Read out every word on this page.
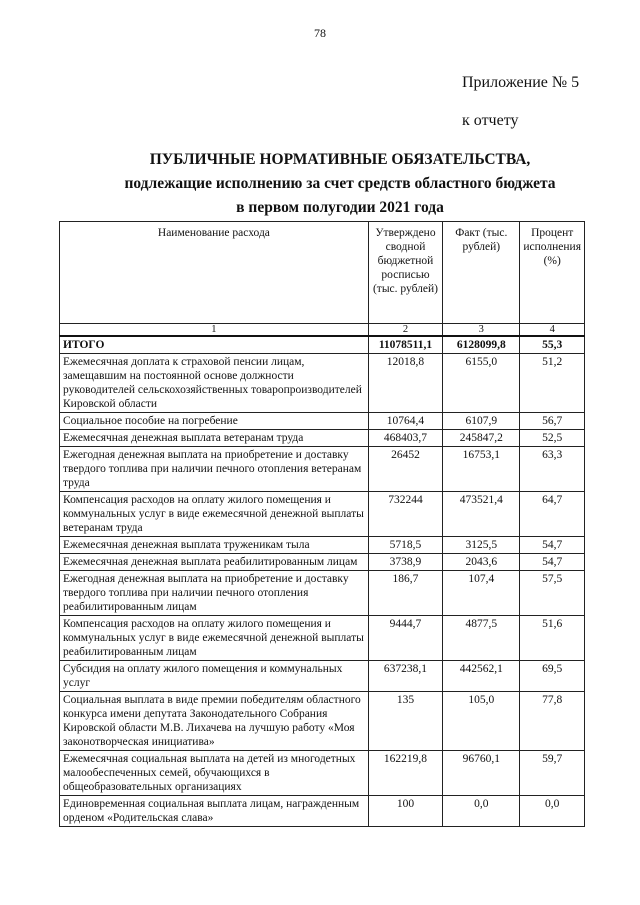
78
Приложение № 5
к отчету
ПУБЛИЧНЫЕ НОРМАТИВНЫЕ ОБЯЗАТЕЛЬСТВА,
подлежащие исполнению за счет средств областного бюджета
в первом полугодии 2021 года
Наименование расхода	Утверждено сводной бюджетной росписью (тыс. рублей)	Факт (тыс. рублей)	Процент исполнения (%)
1	2	3	4
ИТОГО	11078511,1	6128099,8	55,3
Ежемесячная доплата к страховой пенсии лицам, замещавшим на постоянной основе должности руководителей сельскохозяйственных товаропроизводителей Кировской области	12018,8	6155,0	51,2
Социальное пособие на погребение	10764,4	6107,9	56,7
Ежемесячная денежная выплата ветеранам труда	468403,7	245847,2	52,5
Ежегодная денежная выплата на приобретение и доставку твердого топлива при наличии печного отопления ветеранам труда	26452	16753,1	63,3
Компенсация расходов на оплату жилого помещения и коммунальных услуг в виде ежемесячной денежной выплаты ветеранам труда	732244	473521,4	64,7
Ежемесячная денежная выплата труженикам тыла	5718,5	3125,5	54,7
Ежемесячная денежная выплата реабилитированным лицам	3738,9	2043,6	54,7
Ежегодная денежная выплата на приобретение и доставку твердого топлива при наличии печного отопления реабилитированным лицам	186,7	107,4	57,5
Компенсация расходов на оплату жилого помещения и коммунальных услуг в виде ежемесячной денежной выплаты реабилитированным лицам	9444,7	4877,5	51,6
Субсидия на оплату жилого помещения и коммунальных услуг	637238,1	442562,1	69,5
Социальная выплата в виде премии победителям областного конкурса имени депутата Законодательного Собрания Кировской области М.В. Лихачева на лучшую работу «Моя законотворческая инициатива»	135	105,0	77,8
Ежемесячная социальная выплата на детей из многодетных малообеспеченных семей, обучающихся в общеобразовательных организациях	162219,8	96760,1	59,7
Единовременная социальная выплата лицам, награжденным орденом «Родительская слава»	100	0,0	0,0
